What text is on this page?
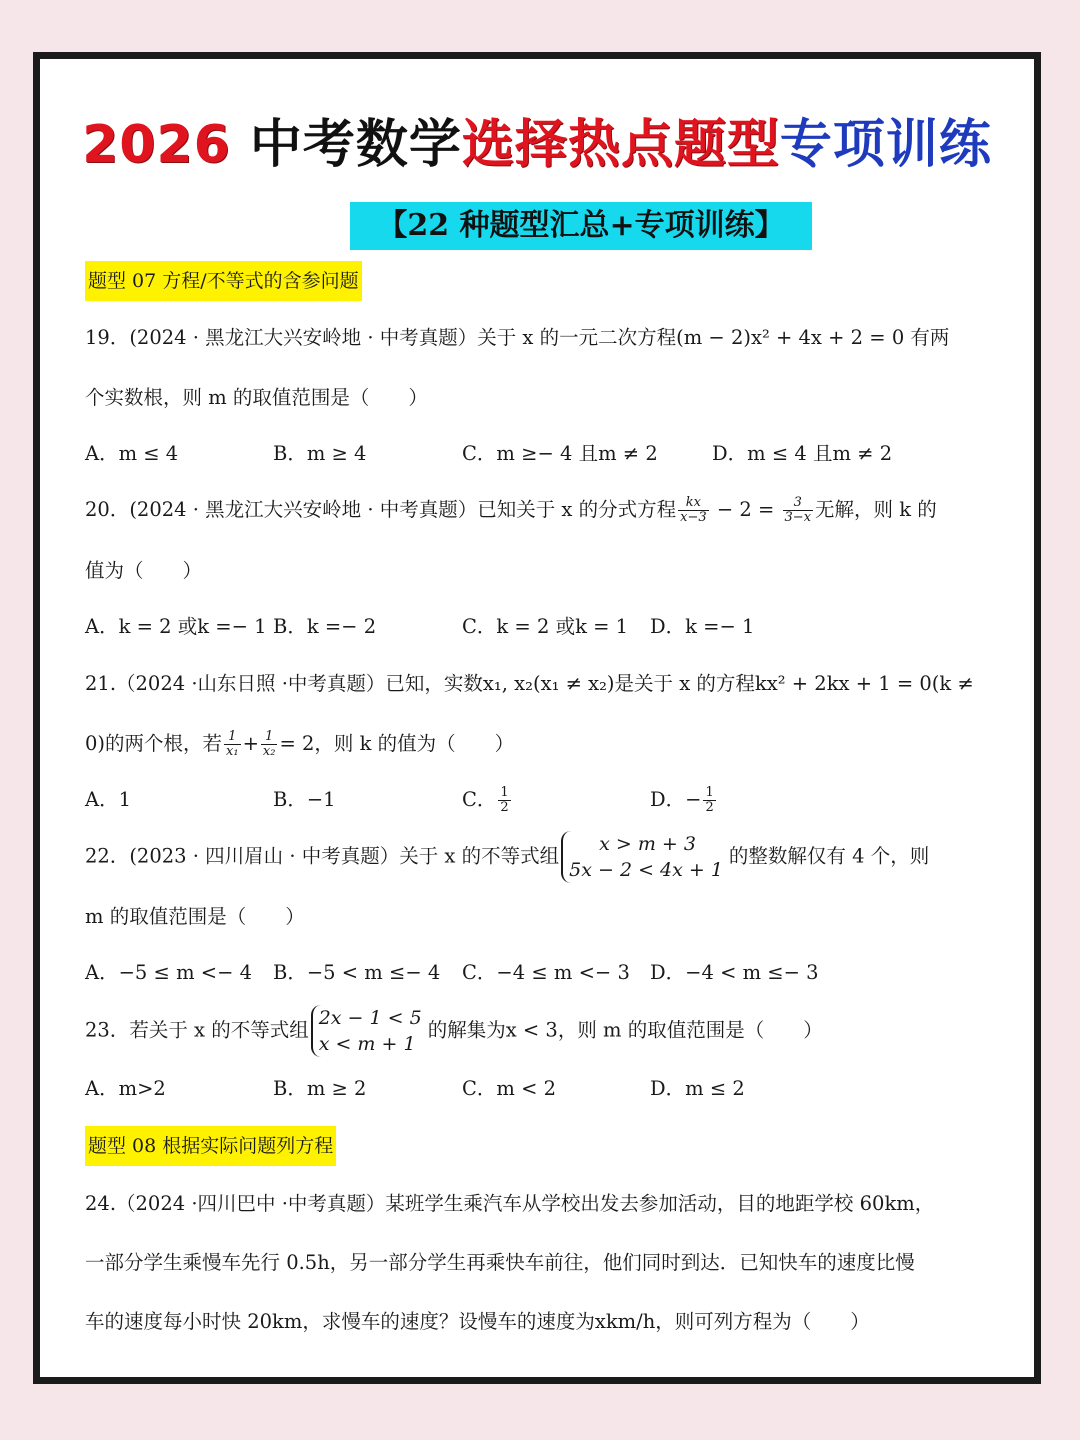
2026 中考数学选择热点题型专项训练
【22 种题型汇总+专项训练】
题型 07 方程/不等式的含参问题
19．(2024 · 黑龙江大兴安岭地 · 中考真题）关于 x 的一元二次方程(m − 2)x² + 4x + 2 = 0 有两
个实数根，则 m 的取值范围是（　　）
A．m ≤ 4	B．m ≥ 4	C．m ≥− 4 且m ≠ 2	D．m ≤ 4 且m ≠ 2
20．(2024 · 黑龙江大兴安岭地 · 中考真题）已知关于 x 的分式方程 $\frac{kx}{x-3} - 2 = \frac{3}{3-x}$ 无解，则 k 的
值为（　　）
A．k = 2 或k =− 1 B．k =− 2	C．k = 2 或k = 1 D．k =− 1
21.（2024 ·山东日照 ·中考真题）已知，实数x₁, x₂(x₁ ≠ x₂)是关于 x 的方程kx² + 2kx + 1 = 0(k ≠
0)的两个根，若 $\frac{1}{\text{x₁}} + \frac{1}{\text{x₂}} = 2$，则 k 的值为（　　）
A．1	B．−1	C． $\frac{1}{2}$	D．− $\frac{1}{2}$
22．(2023 · 四川眉山 · 中考真题）关于 x 的不等式组
x > m + 3
5x − 2 < 4x + 1
的整数解仅有 4 个，则
m 的取值范围是（　　）
A．−5 ≤ m <− 4 B．−5 < m ≤− 4 C．−4 ≤ m <− 3 D．−4 < m ≤− 3
23．若关于 x 的不等式组
2x − 1 < 5
x < m + 1
的解集为x < 3，则 m 的取值范围是（　　）
A．m>2	B．m ≥ 2	C．m < 2	D．m ≤ 2
题型 08 根据实际问题列方程
24.（2024 ·四川巴中 ·中考真题）某班学生乘汽车从学校出发去参加活动，目的地距学校 60km，
一部分学生乘慢车先行 0.5h，另一部分学生再乘快车前往，他们同时到达．已知快车的速度比慢
车的速度每小时快 20km，求慢车的速度？设慢车的速度为xkm/h，则可列方程为（　　）
